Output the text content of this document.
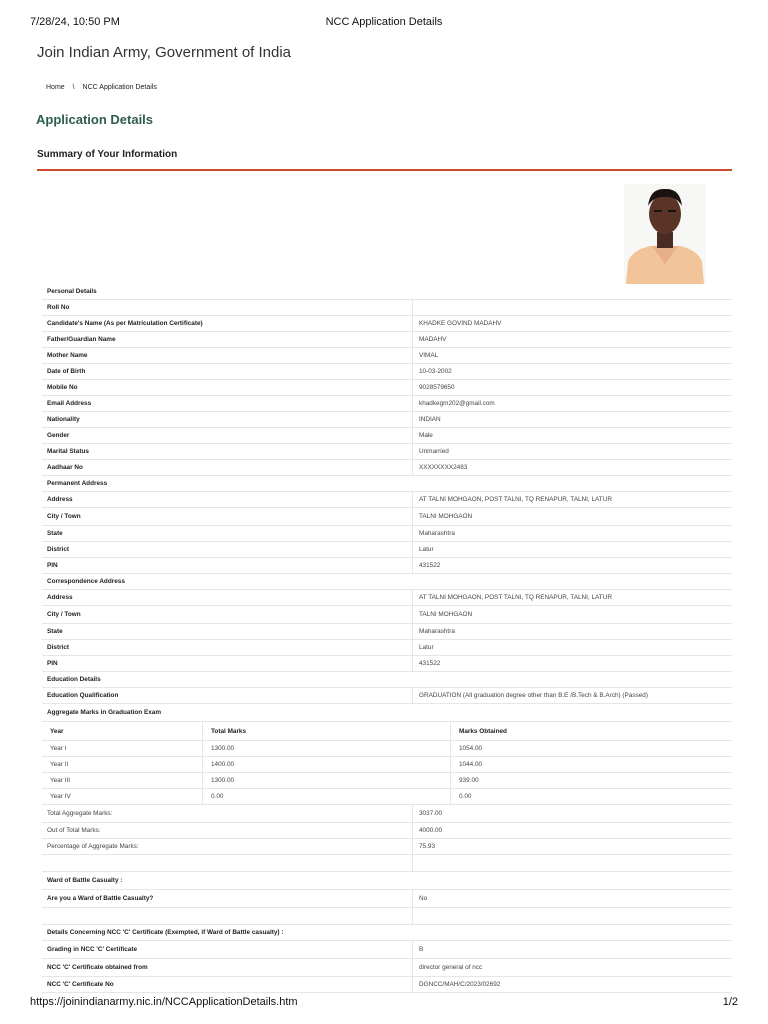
7/28/24, 10:50 PM	NCC Application Details
Join Indian Army, Government of India
Home \ NCC Application Details
Application Details
Summary of Your Information
Personal Details
Roll No
Candidate's Name (As per Matriculation Certificate)	KHADKE GOVIND MADAHV
Father/Guardian Name	MADAHV
Mother Name	VIMAL
Date of Birth	10-03-2002
Mobile No	9028579650
Email Address	khadkegm202@gmail.com
Nationality	INDIAN
Gender	Male
Marital Status	Unmarried
Aadhaar No	XXXXXXXX2483
Permanent Address
Address	AT TALNI MOHGAON, POST TALNI, TQ RENAPUR, TALNI, LATUR
City / Town	TALNI MOHGAON
State	Maharashtra
District	Latur
PIN	431522
Correspondence Address
Address	AT TALNI MOHGAON, POST TALNI, TQ RENAPUR, TALNI, LATUR
City / Town	TALNI MOHGAON
State	Maharashtra
District	Latur
PIN	431522
Education Details
Education Qualification	GRADUATION (All graduation degree other than B.E /B.Tech & B.Arch) (Passed)
Aggregate Marks in Graduation Exam
Year	Total Marks	Marks Obtained
Year I	1300.00	1054.00
Year II	1400.00	1044.00
Year III	1300.00	939.00
Year IV	0.00	0.00
Total Aggregate Marks:	3037.00
Out of Total Marks:	4000.00
Percentage of Aggregate Marks:	75.93
Ward of Battle Casualty :
Are you a Ward of Battle Casualty?	No
Details Concerning NCC 'C' Certificate (Exempted, if Ward of Battle casualty) :
Grading in NCC 'C' Certificate	B
NCC 'C' Certificate obtained from	director general of ncc
NCC 'C' Certificate No	DGNCC/MAH/C/2023/02692
https://joinindianarmy.nic.in/NCCApplicationDetails.htm	1/2
